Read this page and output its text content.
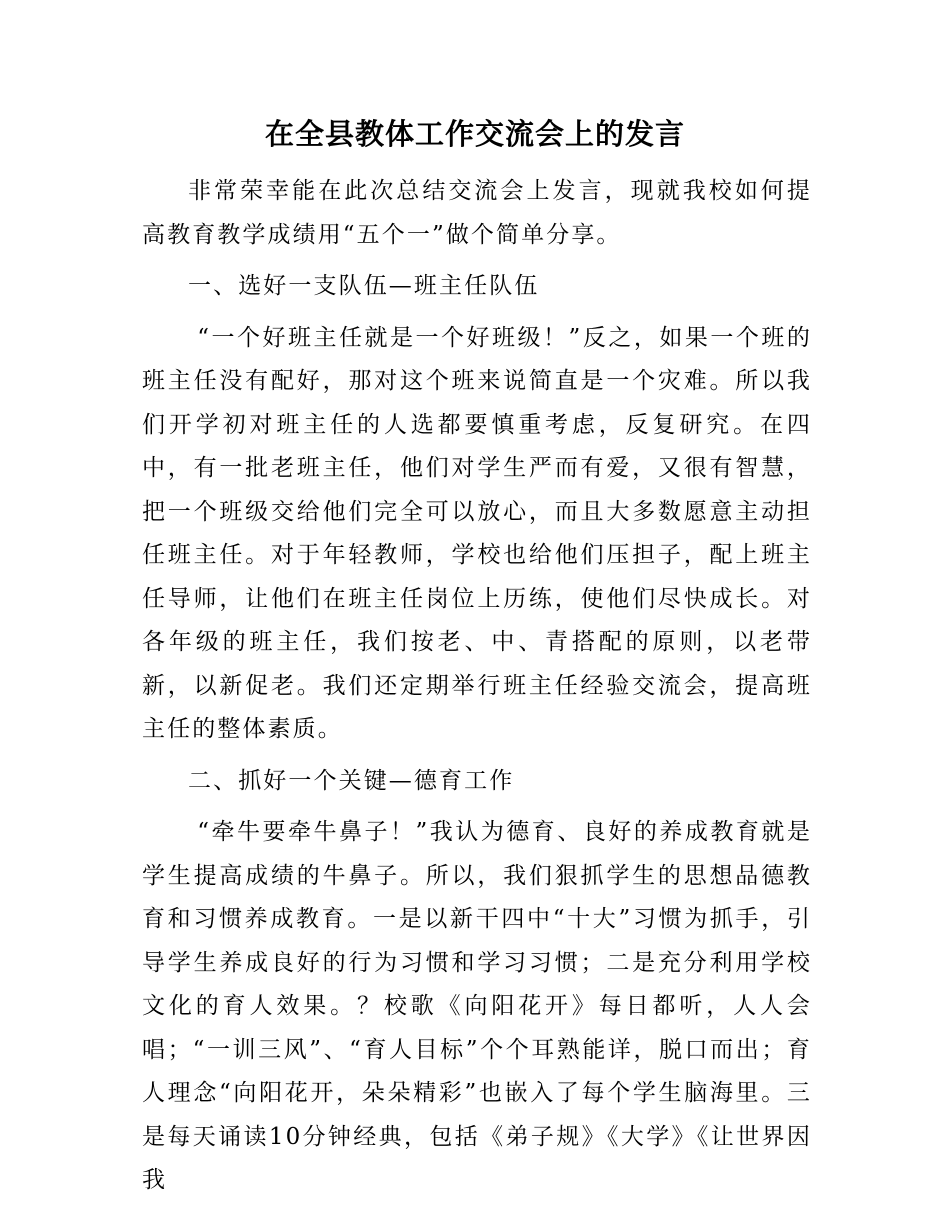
在全县教体工作交流会上的发言

非常荣幸能在此次总结交流会上发言，现就我校如何提高教育教学成绩用“五个一”做个简单分享。

一、选好一支队伍—班主任队伍

“一个好班主任就是一个好班级！”反之，如果一个班的班主任没有配好，那对这个班来说简直是一个灾难。所以我们开学初对班主任的人选都要慎重考虑，反复研究。在四中，有一批老班主任，他们对学生严而有爱，又很有智慧，把一个班级交给他们完全可以放心，而且大多数愿意主动担任班主任。对于年轻教师，学校也给他们压担子，配上班主任导师，让他们在班主任岗位上历练，使他们尽快成长。对各年级的班主任，我们按老、中、青搭配的原则，以老带新，以新促老。我们还定期举行班主任经验交流会，提高班主任的整体素质。

二、抓好一个关键—德育工作

“牵牛要牵牛鼻子！”我认为德育、良好的养成教育就是学生提高成绩的牛鼻子。所以，我们狠抓学生的思想品德教育和习惯养成教育。一是以新干四中“十大”习惯为抓手，引导学生养成良好的行为习惯和学习习惯；二是充分利用学校文化的育人效果。？校歌《向阳花开》每日都听，人人会唱；“一训三风”、“育人目标”个个耳熟能详，脱口而出；育人理念“向阳花开，朵朵精彩”也嵌入了每个学生脑海里。三是每天诵读10分钟经典，包括《弟子规》《大学》《让世界因我
